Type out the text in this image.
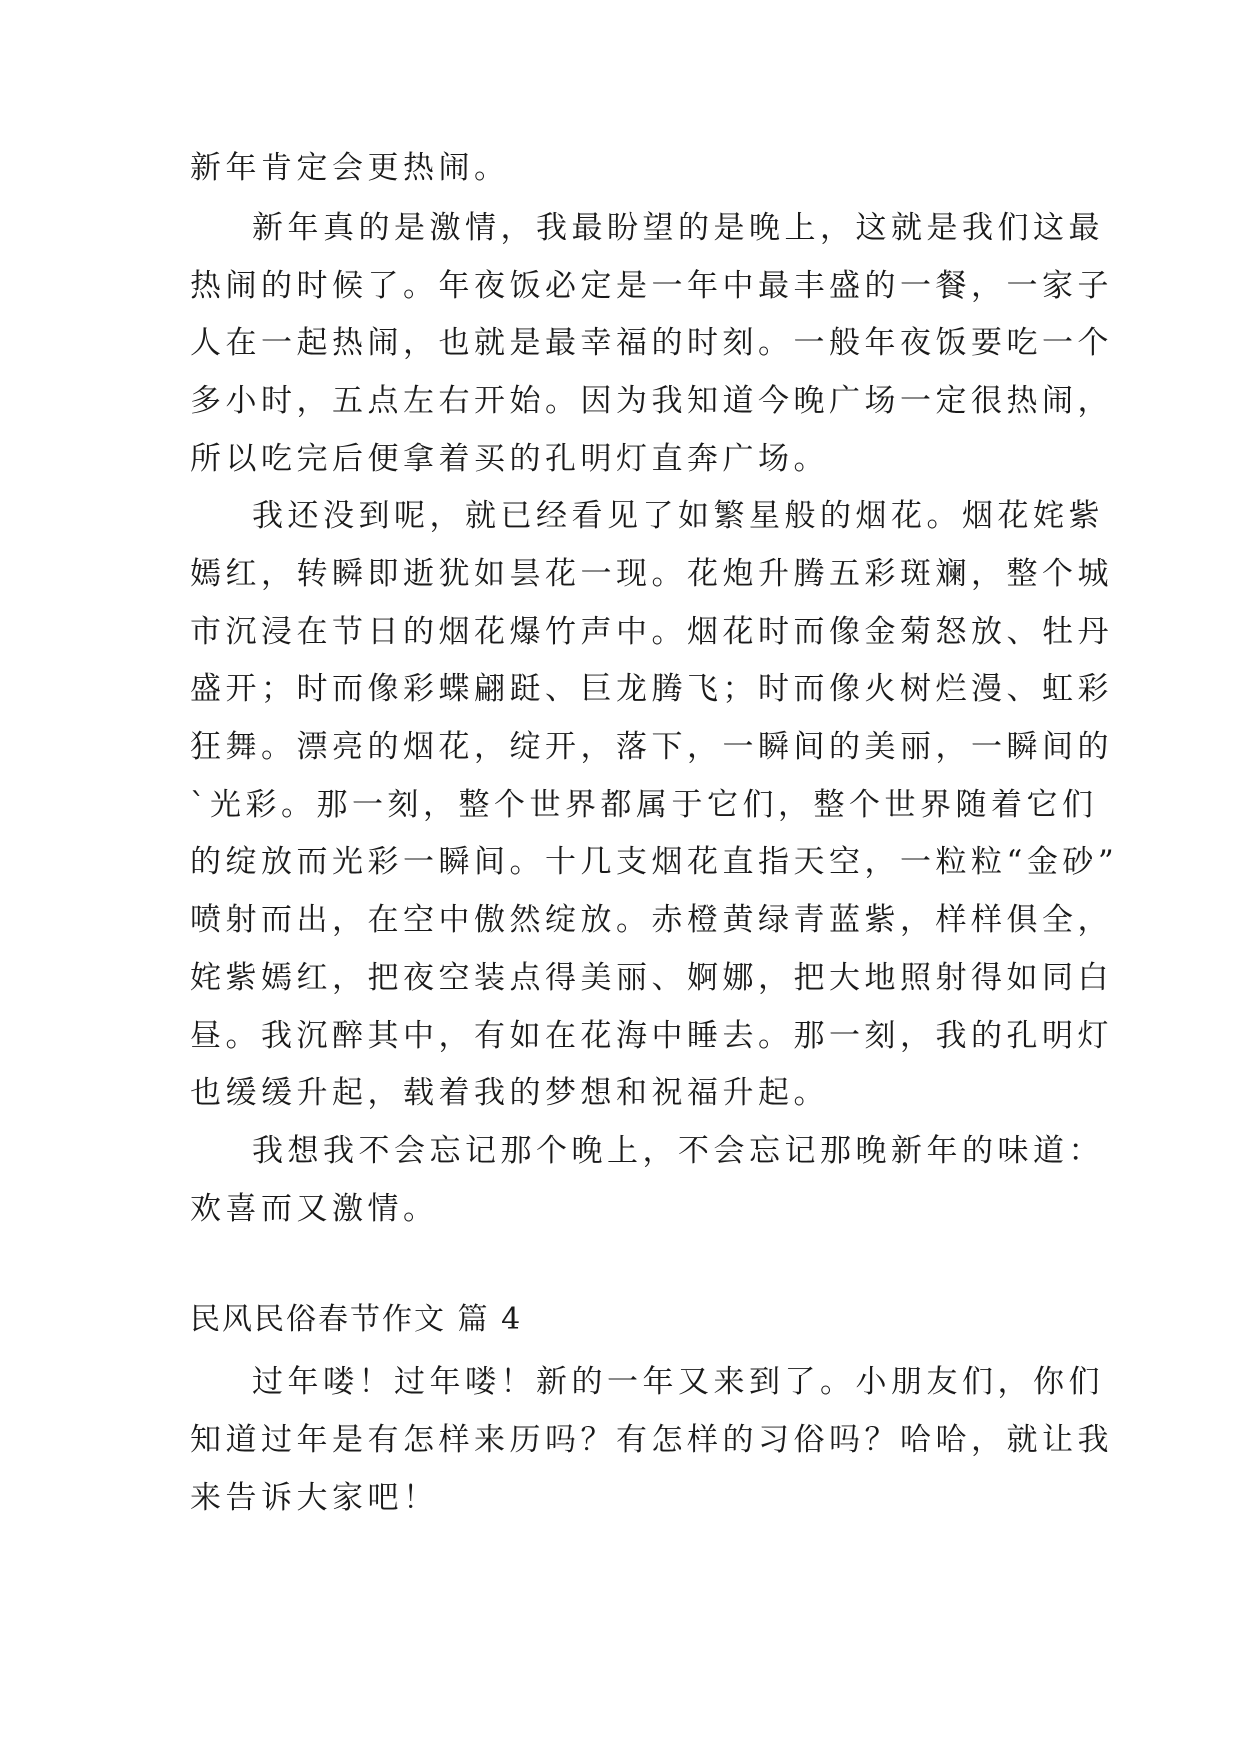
新年肯定会更热闹。

新年真的是激情，我最盼望的是晚上，这就是我们这最

热闹的时候了。年夜饭必定是一年中最丰盛的一餐，一家子

人在一起热闹，也就是最幸福的时刻。一般年夜饭要吃一个

多小时，五点左右开始。因为我知道今晚广场一定很热闹，

所以吃完后便拿着买的孔明灯直奔广场。

我还没到呢，就已经看见了如繁星般的烟花。烟花姹紫

嫣红，转瞬即逝犹如昙花一现。花炮升腾五彩斑斓，整个城

市沉浸在节日的烟花爆竹声中。烟花时而像金菊怒放、牡丹

盛开；时而像彩蝶翩跹、巨龙腾飞；时而像火树烂漫、虹彩

狂舞。漂亮的烟花，绽开，落下，一瞬间的美丽，一瞬间的

`光彩。那一刻，整个世界都属于它们，整个世界随着它们

的绽放而光彩一瞬间。十几支烟花直指天空，一粒粒“金砂”

喷射而出，在空中傲然绽放。赤橙黄绿青蓝紫，样样俱全，

姹紫嫣红，把夜空装点得美丽、婀娜，把大地照射得如同白

昼。我沉醉其中，有如在花海中睡去。那一刻，我的孔明灯

也缓缓升起，载着我的梦想和祝福升起。

我想我不会忘记那个晚上，不会忘记那晚新年的味道：

欢喜而又激情。

民风民俗春节作文 篇 4

过年喽！过年喽！新的一年又来到了。小朋友们，你们

知道过年是有怎样来历吗？有怎样的习俗吗？哈哈，就让我

来告诉大家吧！
